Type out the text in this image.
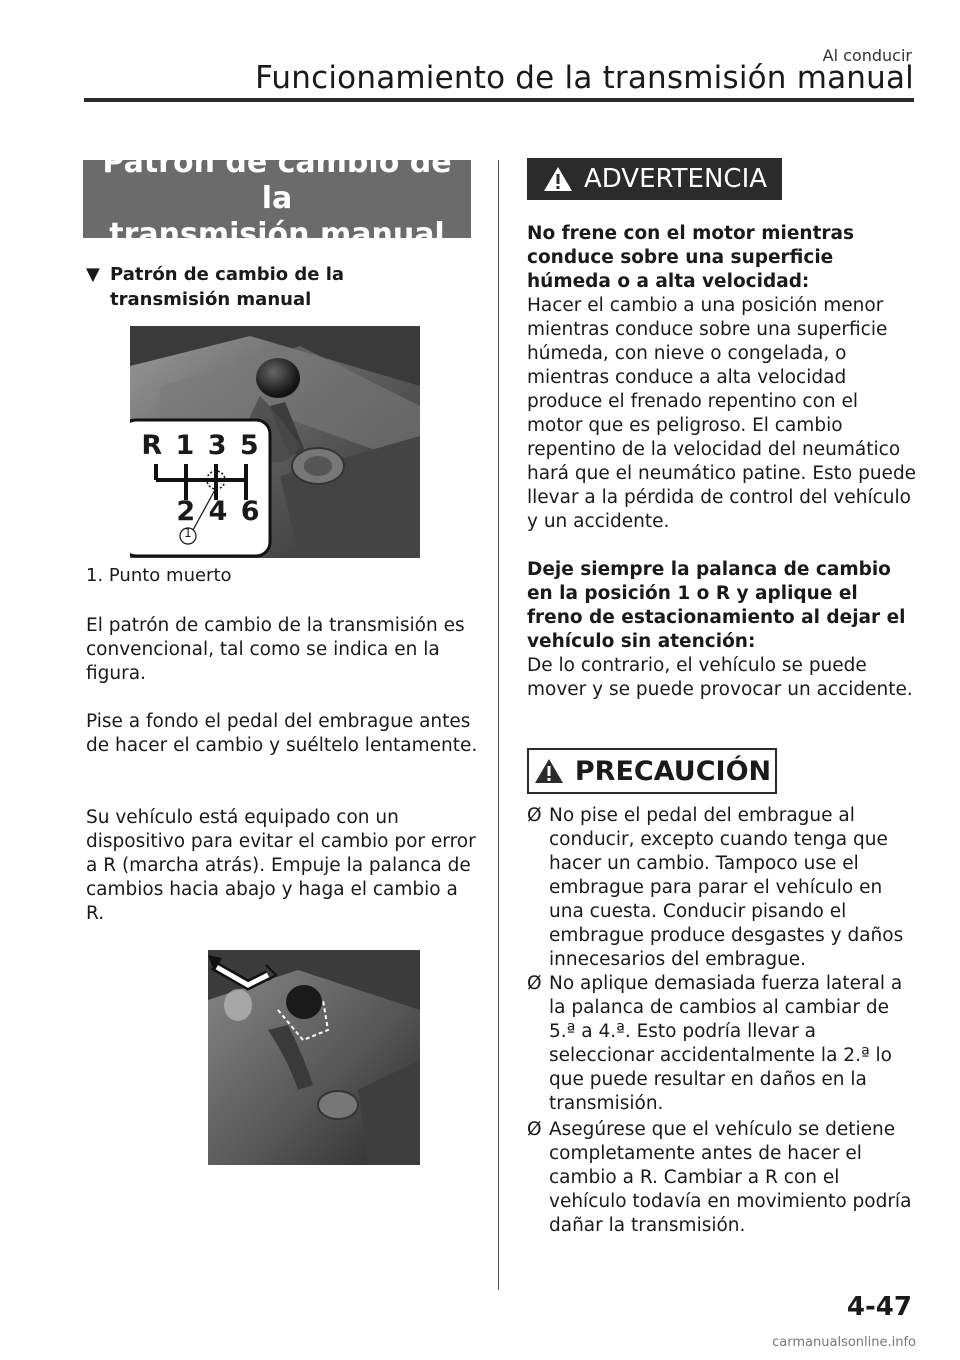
Al conducir
Funcionamiento de la transmisión manual
Patrón de cambio de la
transmisión manual
▼ Patrón de cambio de la transmisión manual
R 1 3 5
2 4 6
1
1. Punto muerto
El patrón de cambio de la transmisión es convencional, tal como se indica en la figura.
Pise a fondo el pedal del embrague antes de hacer el cambio y suéltelo lentamente.
Su vehículo está equipado con un dispositivo para evitar el cambio por error a R (marcha atrás). Empuje la palanca de cambios hacia abajo y haga el cambio a R.
ADVERTENCIA
No frene con el motor mientras conduce sobre una superficie húmeda o a alta velocidad:
Hacer el cambio a una posición menor mientras conduce sobre una superficie húmeda, con nieve o congelada, o mientras conduce a alta velocidad produce el frenado repentino con el motor que es peligroso. El cambio repentino de la velocidad del neumático hará que el neumático patine. Esto puede llevar a la pérdida de control del vehículo y un accidente.
Deje siempre la palanca de cambio en la posición 1 o R y aplique el freno de estacionamiento al dejar el vehículo sin atención:
De lo contrario, el vehículo se puede mover y se puede provocar un accidente.
PRECAUCIÓN
Ø No pise el pedal del embrague al conducir, excepto cuando tenga que hacer un cambio. Tampoco use el embrague para parar el vehículo en una cuesta. Conducir pisando el embrague produce desgastes y daños innecesarios del embrague.
Ø No aplique demasiada fuerza lateral a la palanca de cambios al cambiar de 5.ª a 4.ª. Esto podría llevar a seleccionar accidentalmente la 2.ª lo que puede resultar en daños en la transmisión.
Ø Asegúrese que el vehículo se detiene completamente antes de hacer el cambio a R. Cambiar a R con el vehículo todavía en movimiento podría dañar la transmisión.
4-47
carmanualsonline.info
